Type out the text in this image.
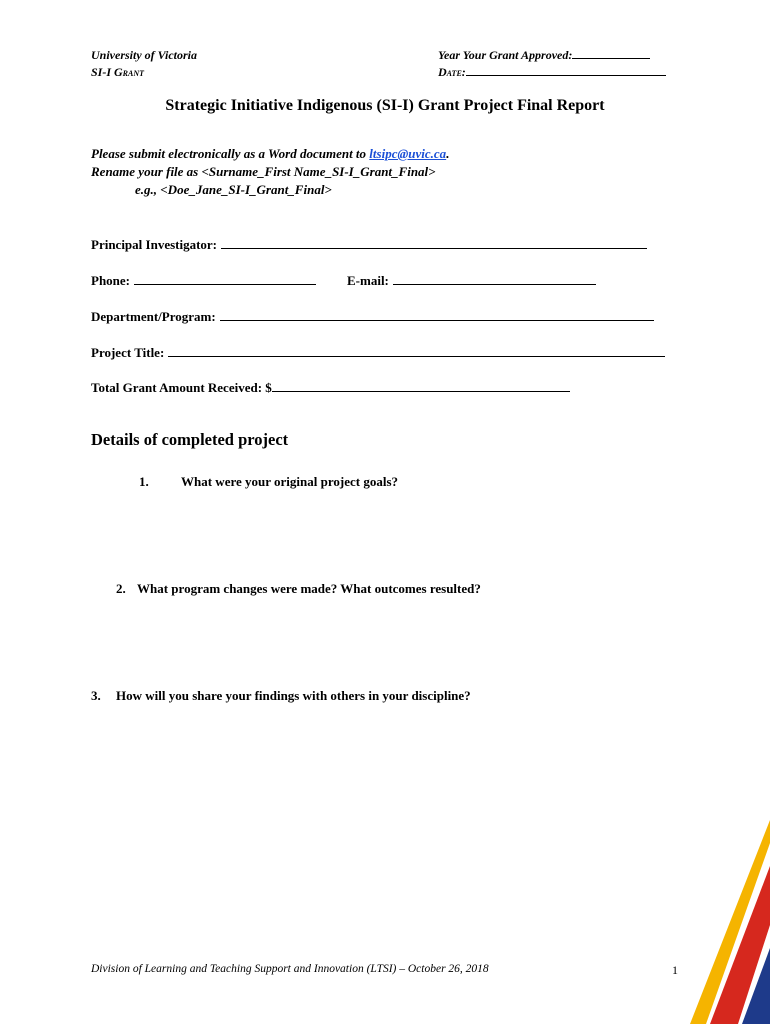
University of Victoria
SI-I Grant
Year Your Grant Approved:
Date:
Strategic Initiative Indigenous (SI-I) Grant Project Final Report
Please submit electronically as a Word document to ltsipc@uvic.ca.
Rename your file as <Surname_First Name_SI-I_Grant_Final>
e.g., <Doe_Jane_SI-I_Grant_Final>
Principal Investigator:
Phone:	E-mail:
Department/Program:
Project Title:
Total Grant Amount Received: $
Details of completed project
1. What were your original project goals?
2. What program changes were made? What outcomes resulted?
3. How will you share your findings with others in your discipline?
Division of Learning and Teaching Support and Innovation (LTSI) – October 26, 2018	1
